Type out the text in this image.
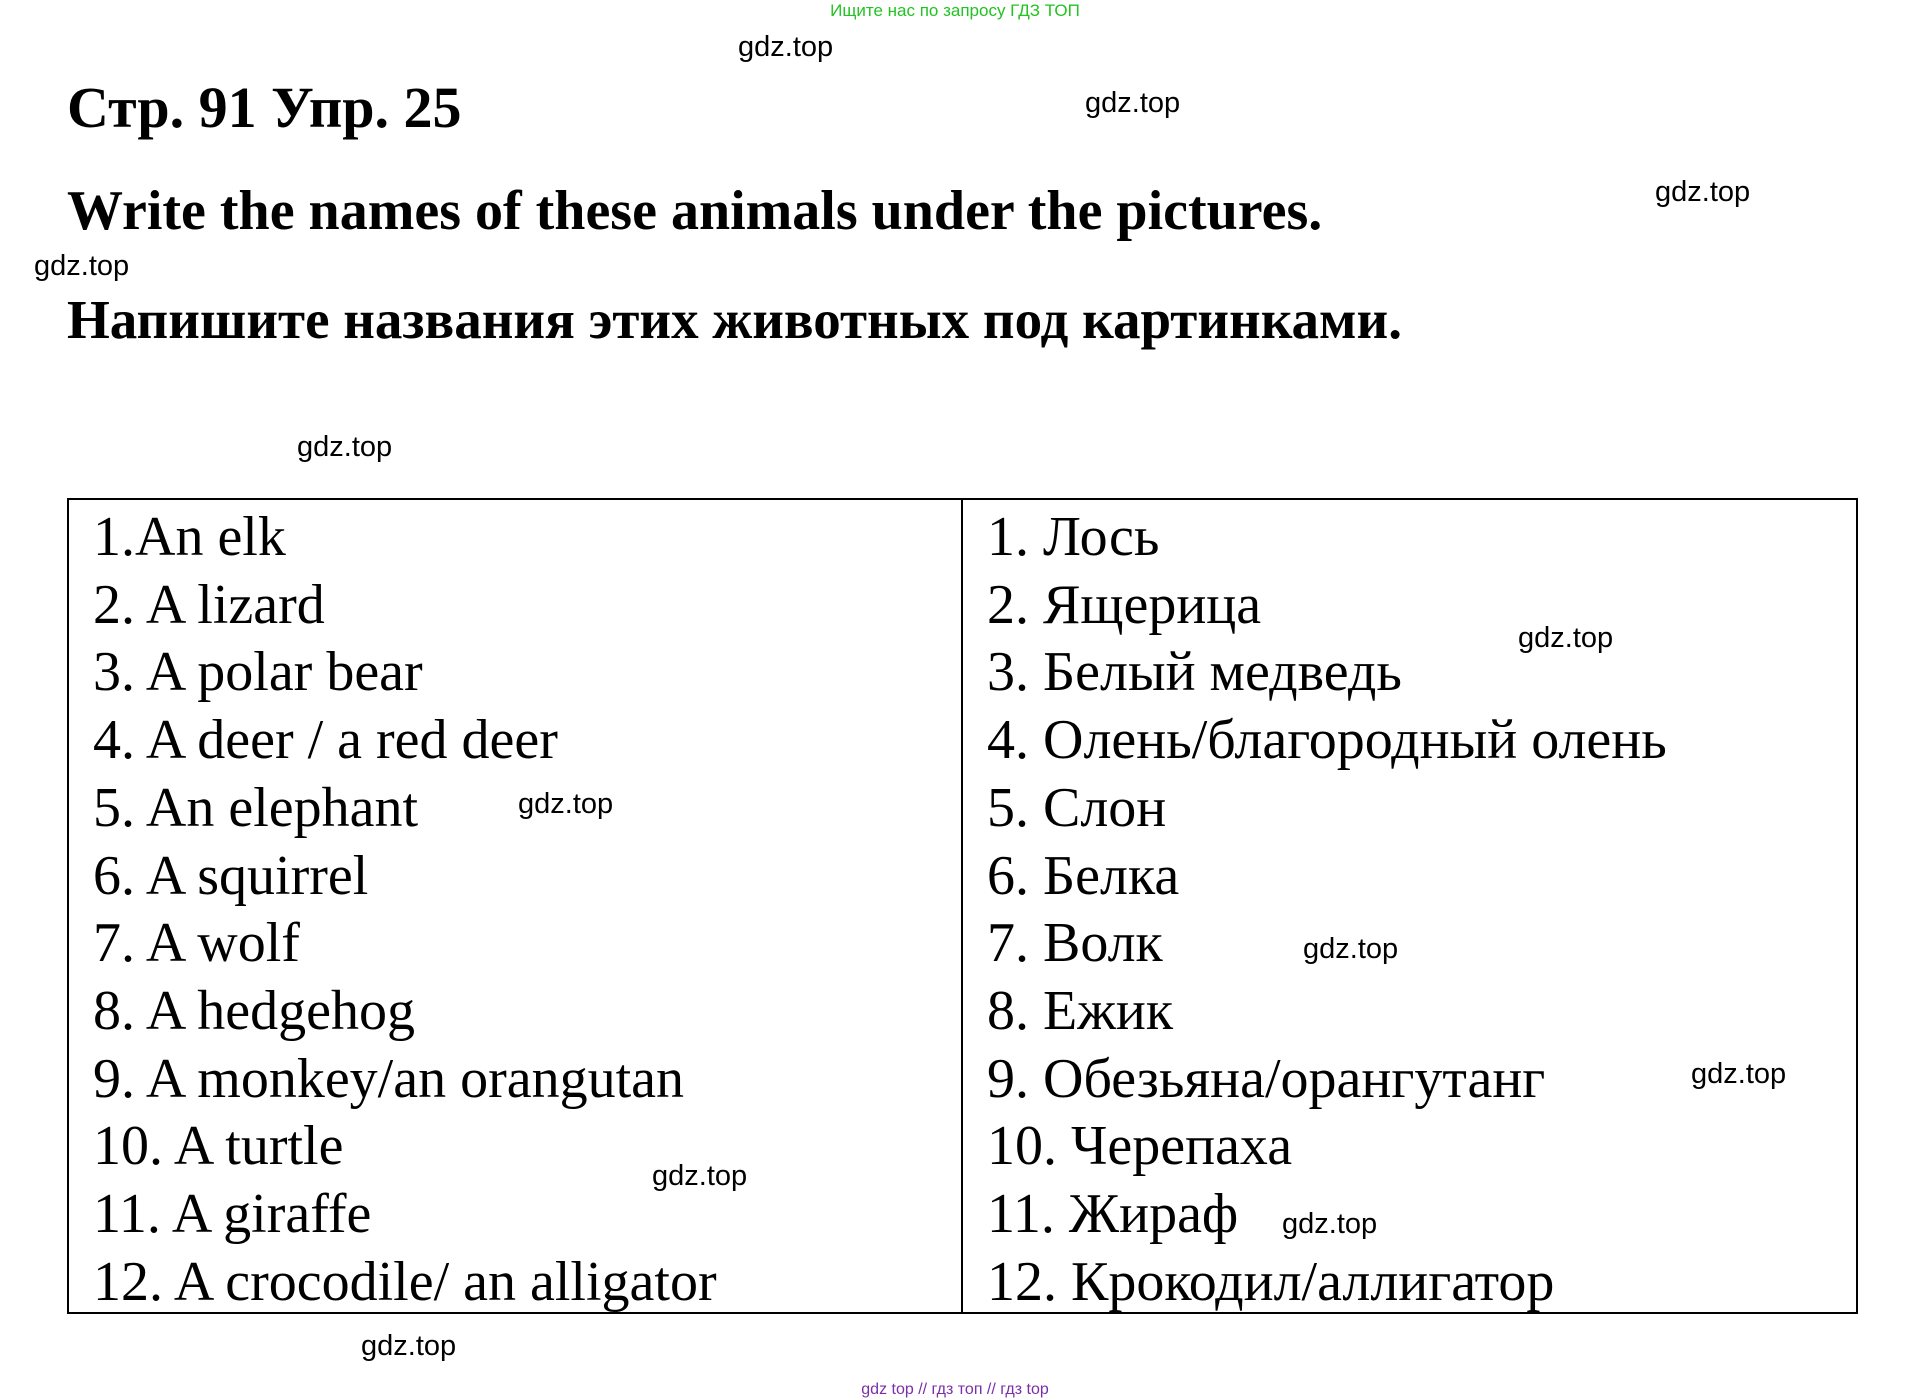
Ищите нас по запросу ГДЗ ТОП
Стр. 91 Упр. 25
Write the names of these animals under the pictures.
Напишите названия этих животных под картинками.
1.An elk
2. A lizard
3. A polar bear
4. A deer / a red deer
5. An elephant
6. A squirrel
7. A wolf
8. A hedgehog
9. A monkey/an orangutan
10. A turtle
11. A giraffe
12. A crocodile/ an alligator
1. Лось
2. Ящерица
3. Белый медведь
4. Олень/благородный олень
5. Слон
6. Белка
7. Волк
8. Ежик
9. Обезьяна/орангутанг
10. Черепаха
11. Жираф
12. Крокодил/аллигатор
gdz.top
gdz.top
gdz.top
gdz.top
gdz.top
gdz.top
gdz.top
gdz.top
gdz.top
gdz.top
gdz.top
gdz.top
gdz top // гдз топ // гдз top
